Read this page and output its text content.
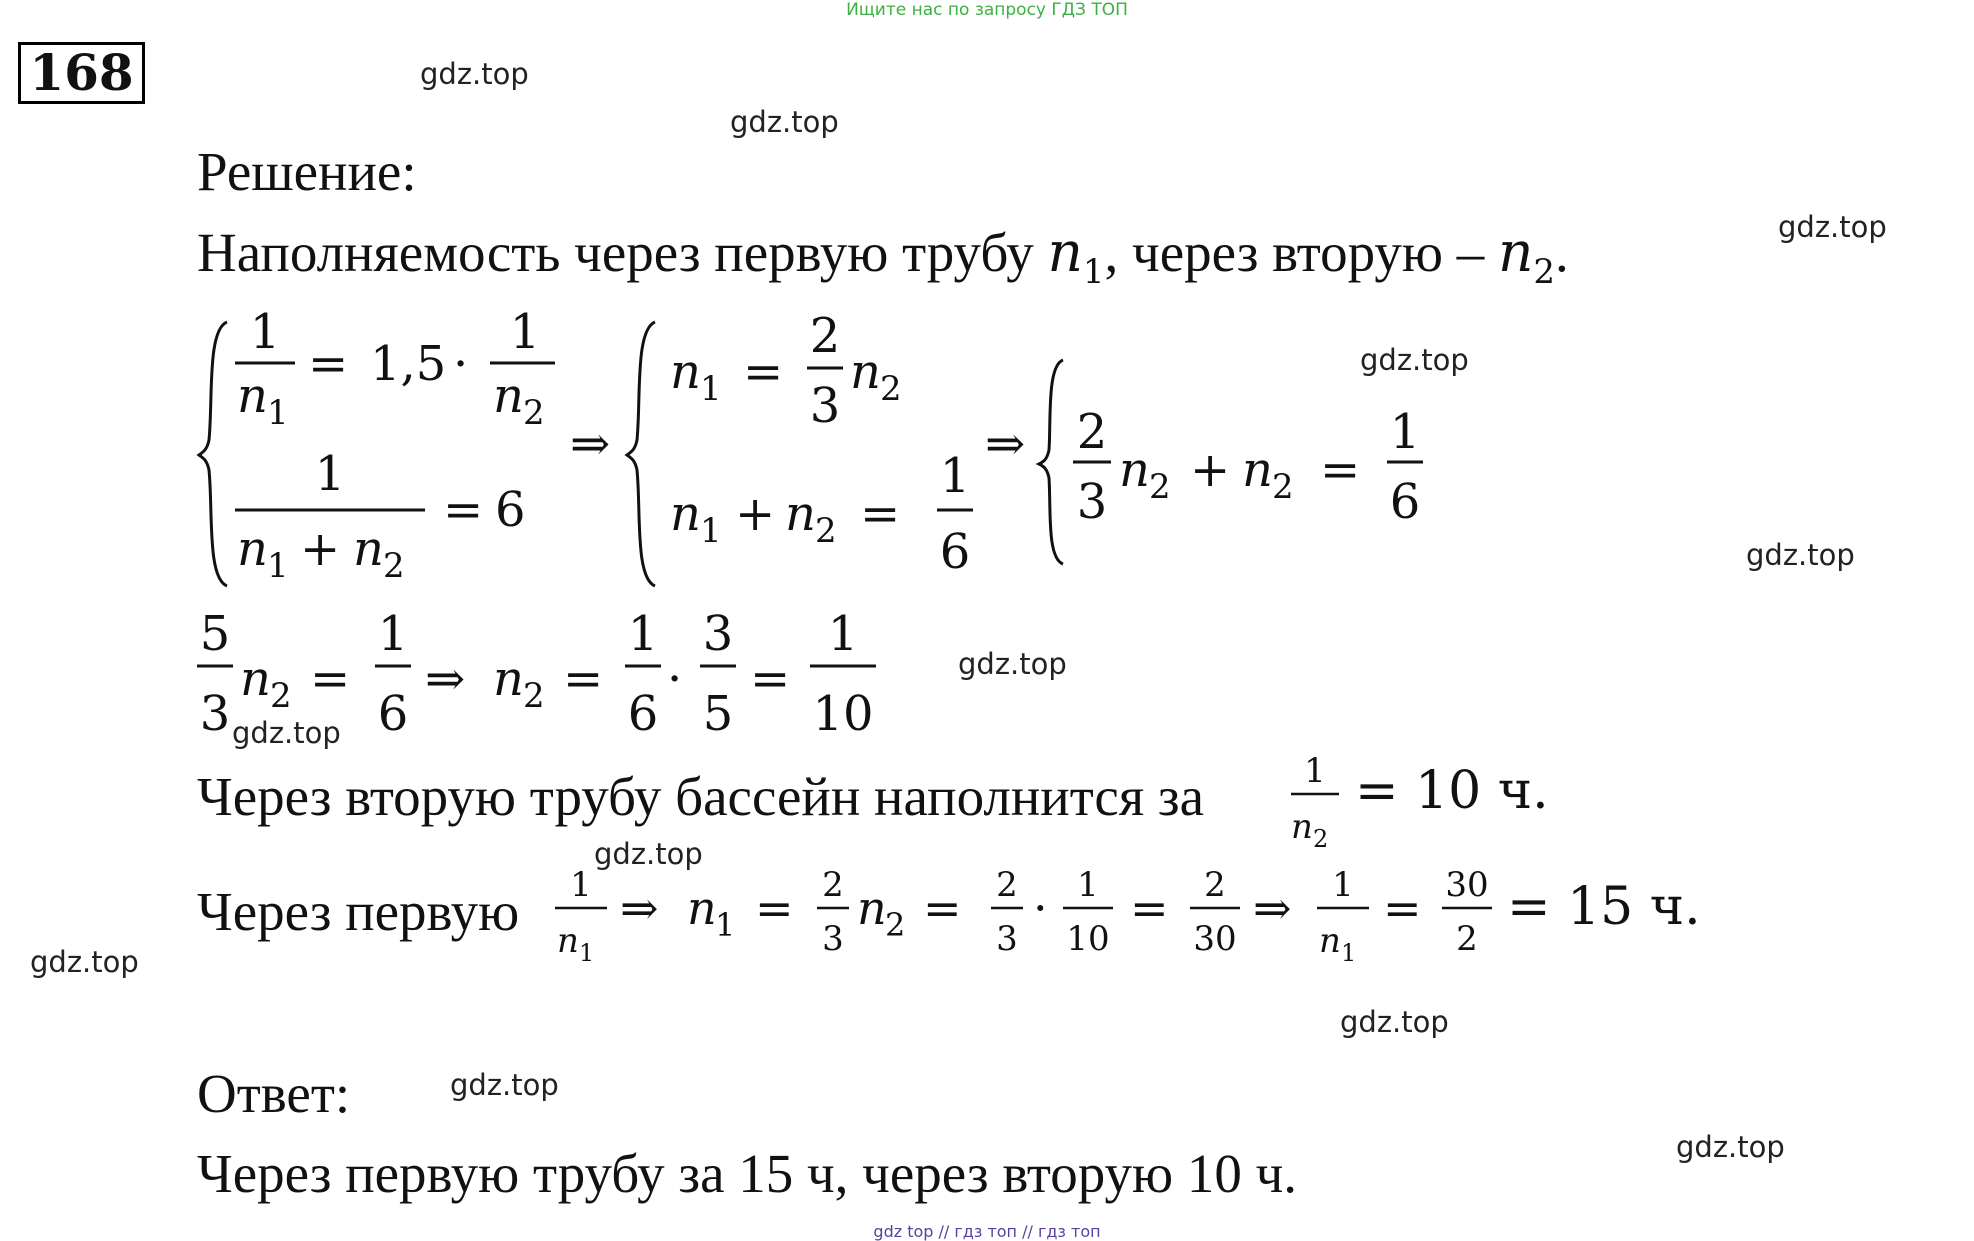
Ищите нас по запросу ГДЗ ТОП
gdz top // гдз топ // гдз топ
168	gdz.top
gdz.top
gdz.top
gdz.top
gdz.top
gdz.top
gdz.top
gdz.top
gdz.top
gdz.top
gdz.top
gdz.top
Решение:
Наполняемость через первую трубу $n_1$, через вторую – $n_2$.
1
n 1
= 1,5 ·
1
n 2
1
n 1 + n 2
= 6
⇒
n 1 =
2
3
n 2
n 1 + n 2 =
1
6
⇒ 2
3
n 2 + n 2 =
1
6
5
3
n 2 =
1
6
⇒ n 2 =
1
6
·
3
5
=
1
10
Через вторую трубу бассейн наполнится за	1
n 2
= 10 ч.
Через первую 1
n 1
⇒ n
1 = 2
3
n
2 = 2
3
· 1
10
= 2
30
⇒ 1
n 1
= 30
2
= 15 ч.
Ответ:
Через первую трубу за 15 ч, через вторую 10 ч.
